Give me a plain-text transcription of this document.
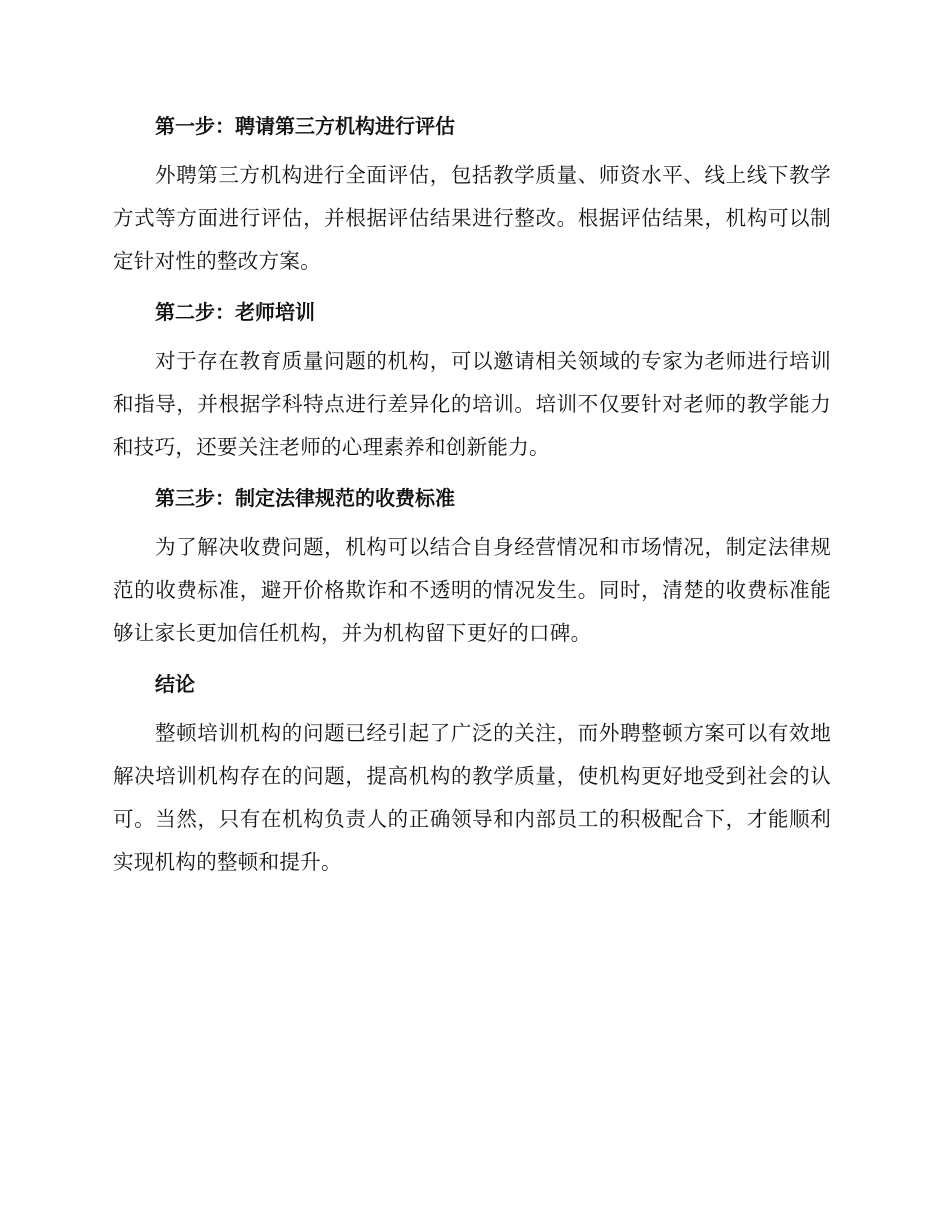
第一步：聘请第三方机构进行评估

外聘第三方机构进行全面评估，包括教学质量、师资水平、线上线下教学方式等方面进行评估，并根据评估结果进行整改。根据评估结果，机构可以制定针对性的整改方案。

第二步：老师培训

对于存在教育质量问题的机构，可以邀请相关领域的专家为老师进行培训和指导，并根据学科特点进行差异化的培训。培训不仅要针对老师的教学能力和技巧，还要关注老师的心理素养和创新能力。

第三步：制定法律规范的收费标准

为了解决收费问题，机构可以结合自身经营情况和市场情况，制定法律规范的收费标准，避开价格欺诈和不透明的情况发生。同时，清楚的收费标准能够让家长更加信任机构，并为机构留下更好的口碑。

结论

整顿培训机构的问题已经引起了广泛的关注，而外聘整顿方案可以有效地解决培训机构存在的问题，提高机构的教学质量，使机构更好地受到社会的认可。当然，只有在机构负责人的正确领导和内部员工的积极配合下，才能顺利实现机构的整顿和提升。
